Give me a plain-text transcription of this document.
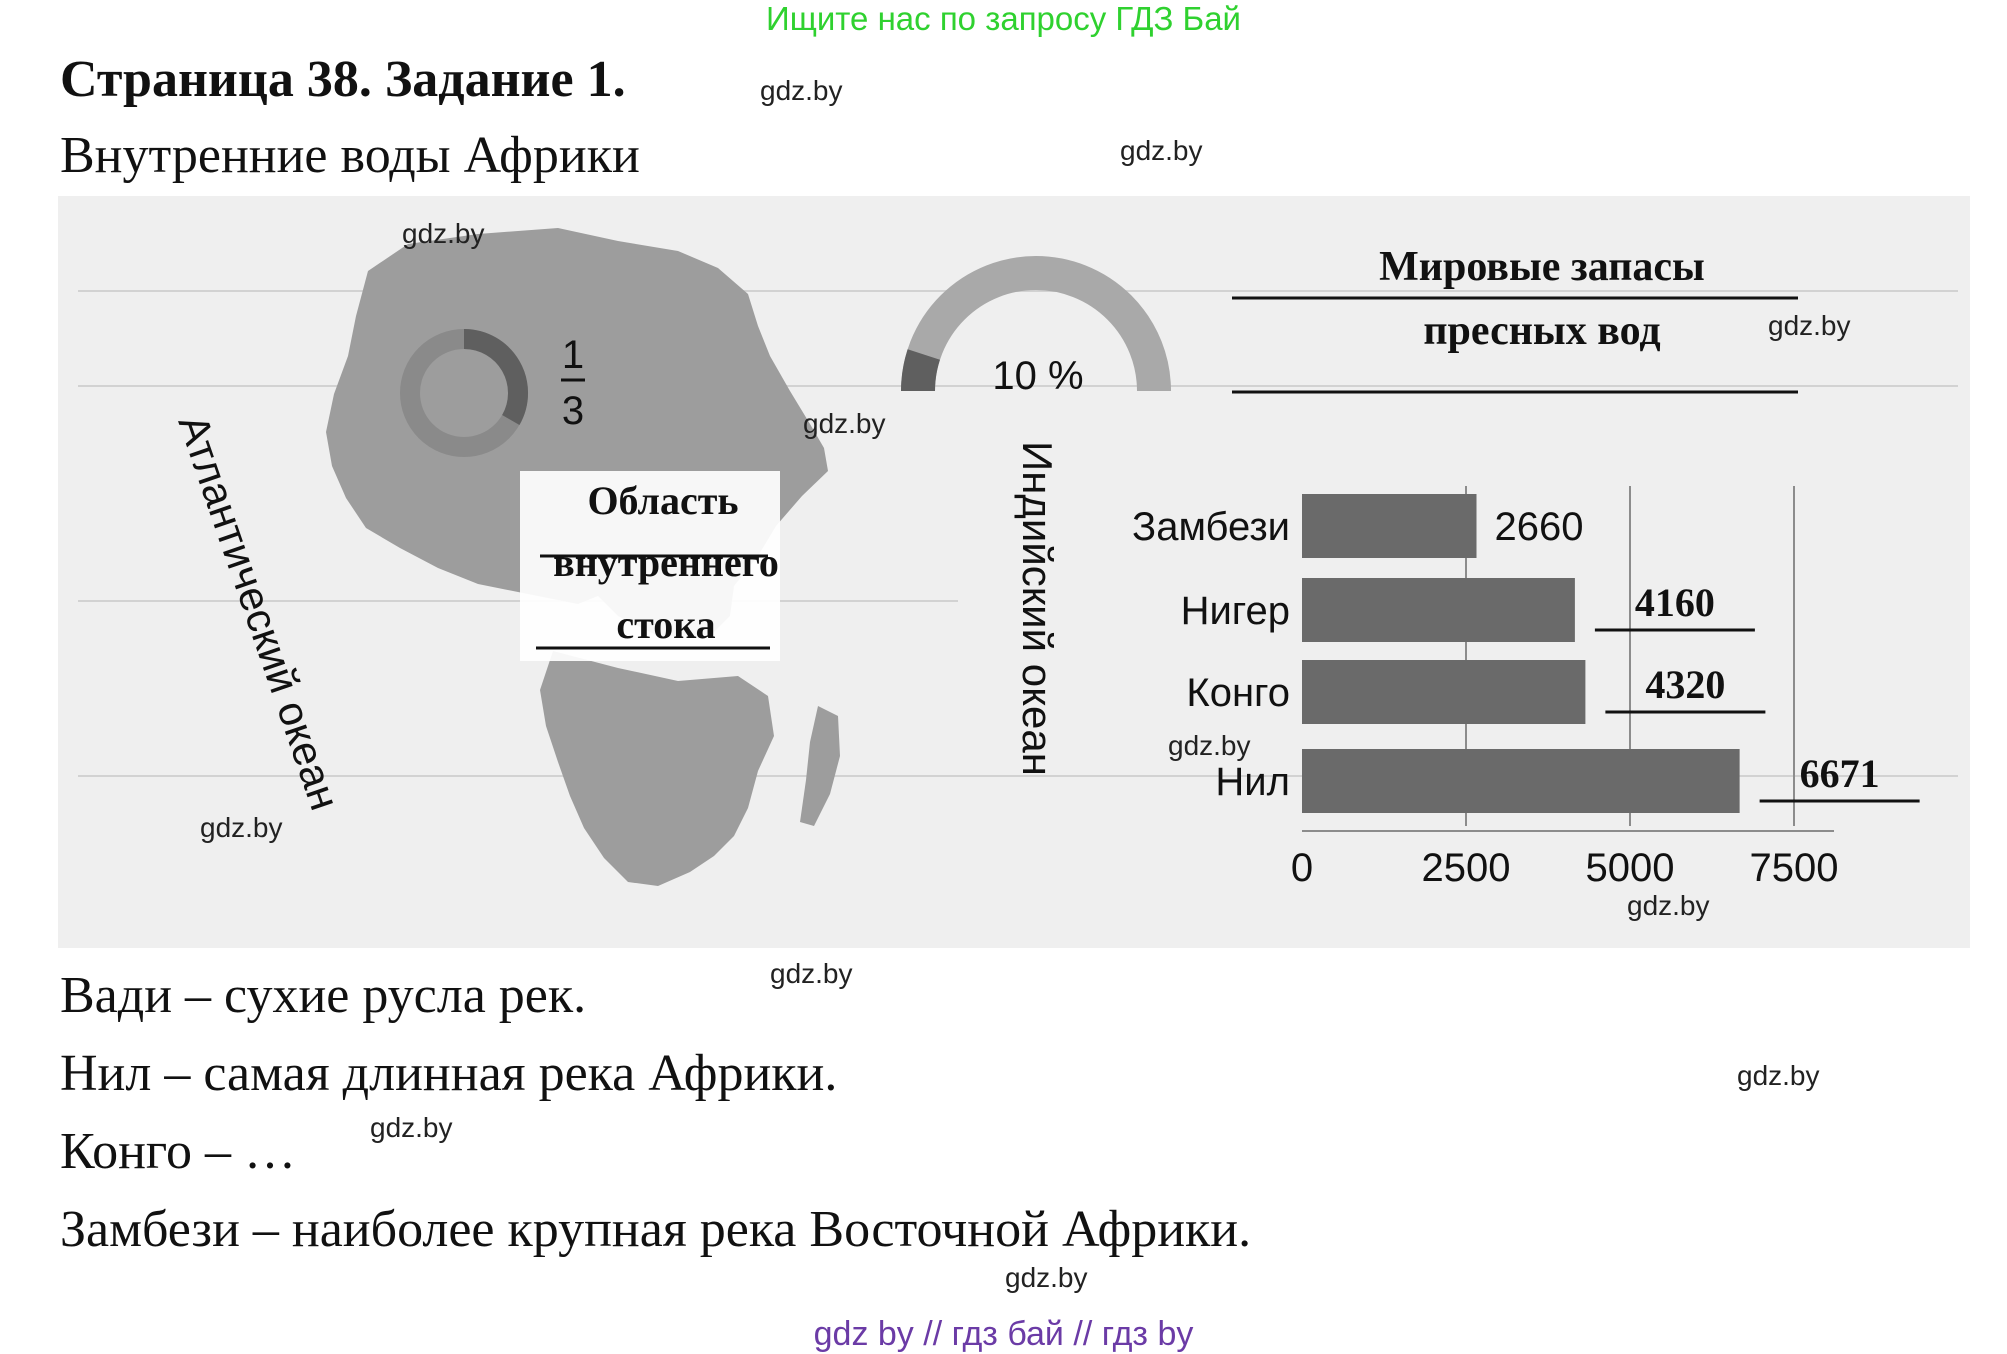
Ищите нас по запросу ГДЗ Бай
Страница 38. Задание 1.
Внутренние воды Африки
Область
внутреннего
стока
1
3
10 %
Атлантический океан	Индийский океан
Мировые запасы
пресных вод
Замбези	2660
Нигер	4160
Конго	4320
Нил	6671
0	2500 5000 7500
Вади – сухие русла рек.
Нил – самая длинная река Африки.
Конго – …
Замбези – наиболее крупная река Восточной Африки.
gdz.by
gdz.by
gdz.by
gdz.by
gdz.by
gdz.by
gdz.by
gdz.by
gdz.by
gdz.by
gdz.by
gdz.by
gdz by // гдз бай // гдз by
